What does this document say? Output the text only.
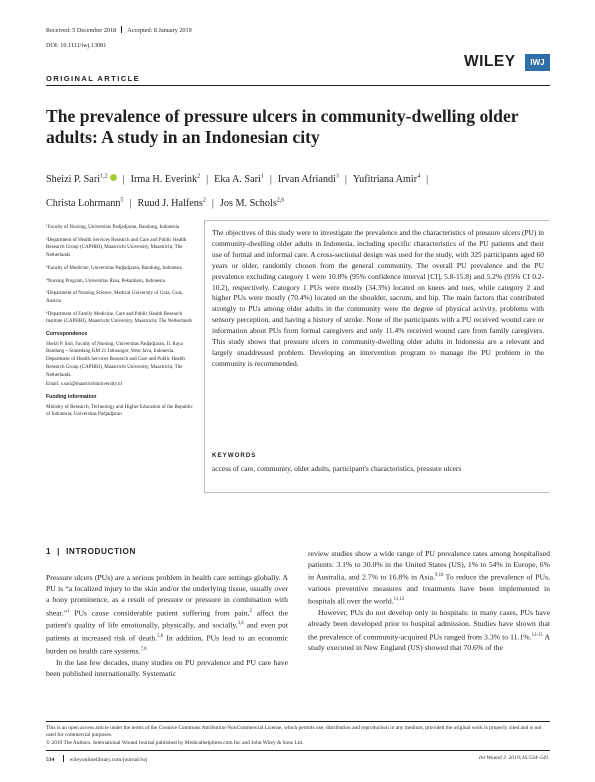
Received: 5 December 2018 Accepted: 8 January 2019
DOI: 10.1111/iwj.13081
WILEY	IWJ
ORIGINAL ARTICLE
The prevalence of pressure ulcers in community-dwelling older adults: A study in an Indonesian city
Sheizi P. Sari$^{1,2}$ | Irma H. Everink$^2$ | Eka A. Sari$^1$ | Irvan Afriandi$^3$ | Yufitriana Amir$^4$ |
Christa Lohrmann$^5$ | Ruud J. Halfens$^2$ | Jos M. Schols$^{2,6}$

¹Faculty of Nursing, Universitas Padjadjaran, Bandung, Indonesia

²Department of Health Services Research and Care and Public Health Research Group (CAPHRI), Maastricht University, Maastricht, The Netherlands

³Faculty of Medicine, Universitas Padjadjaran, Bandung, Indonesia

⁴Nursing Program, Universitas Riau, Pekanbaru, Indonesia

⁵Department of Nursing Science, Medical University of Graz, Graz, Austria

⁶Department of Family Medicine, Care and Public Health Research Institute (CAPHRI), Maastricht University, Maastricht, The Netherlands

Correspondence

Sheizi P. Sari, Faculty of Nursing, Universitas Padjadjaran, Jl. Raya Bandung – Sumedang KM 21 Jatinangor, West Java, Indonesia. Department of Health Services Research and Care and Public Health Research Group (CAPHRI), Maastricht University, Maastricht, The Netherlands.

Email: s.sari@maastrichtuniversity.nl

Funding information

Ministry of Research, Technology and Higher Education of the Republic of Indonesia; Universitas Padjadjaran

The objectives of this study were to investigate the prevalence and the characteristics of pressure ulcers (PU) in community-dwelling older adults in Indonesia, including specific characteristics of the PU patients and their use of formal and informal care. A cross-sectional design was used for the study, with 325 participants aged 60 years or older, randomly chosen from the general community. The overall PU prevalence and the PU prevalence excluding category 1 were 10.8% (95% confidence interval [CI], 5.8-15.8) and 5.2% (95% CI 0.2-10.2), respectively. Category 1 PUs were mostly (34.3%) located on knees and toes, while category 2 and higher PUs were mostly (70.4%) located on the shoulder, sacrum, and hip. The main factors that contributed strongly to PUs among older adults in the community were the degree of physical activity, problems with sensory perception, and having a history of stroke. None of the participants with a PU received wound care or information about PUs from formal caregivers and only 11.4% received wound care from family caregivers. This study shows that pressure ulcers in community-dwelling older adults in Indonesia are a relevant and largely unaddressed problem. Developing an intervention program to manage the PU problem in the community is recommended.

KEYWORDS
access of care, community, older adults, participant's characteristics, pressure ulcers
1 | INTRODUCTION

Pressure ulcers (PUs) are a serious problem in health care settings globally. A PU is “a localized injury to the skin and/or the underlying tissue, usually over a bony prominence, as a result of pressure or pressure in combination with shear.”$^1$ PUs cause considerable patient suffering from pain,$^2$ affect the patient's quality of life emotionally, physically, and socially,$^{3,4}$ and even put patients at increased risk of death.$^{5,6}$ In addition, PUs lead to an economic burden on health care systems.$^{7,8}$

In the last few decades, many studies on PU prevalence and PU care have been published internationally. Systematic

review studies show a wide range of PU prevalence rates among hospitalised patients: 3.1% to 30.0% in the United States (US), 1% to 54% in Europe, 6% in Australia, and 2.7% to 16.8% in Asia.$^{9,10}$ To reduce the prevalence of PUs, various preventive measures and treatments have been implemented in hospitals all over the world.$^{11,12}$

However, PUs do not develop only in hospitals: in many cases, PUs have already been developed prior to hospital admission. Studies have shown that the prevalence of community-acquired PUs ranged from 3.3% to 11.1%.$^{13-15}$ A study executed in New England (US) showed that 70.6% of the

This is an open access article under the terms of the Creative Commons Attribution-NonCommercial License, which permits use, distribution and reproduction in any medium, provided the original work is properly cited and is not used for commercial purposes.

© 2019 The Authors. International Wound Journal published by Medicalhelplines.com Inc and John Wiley & Sons Ltd.

534	wileyonlinelibrary.com/journal/iwj	Int Wound J. 2019;16:534–541.
